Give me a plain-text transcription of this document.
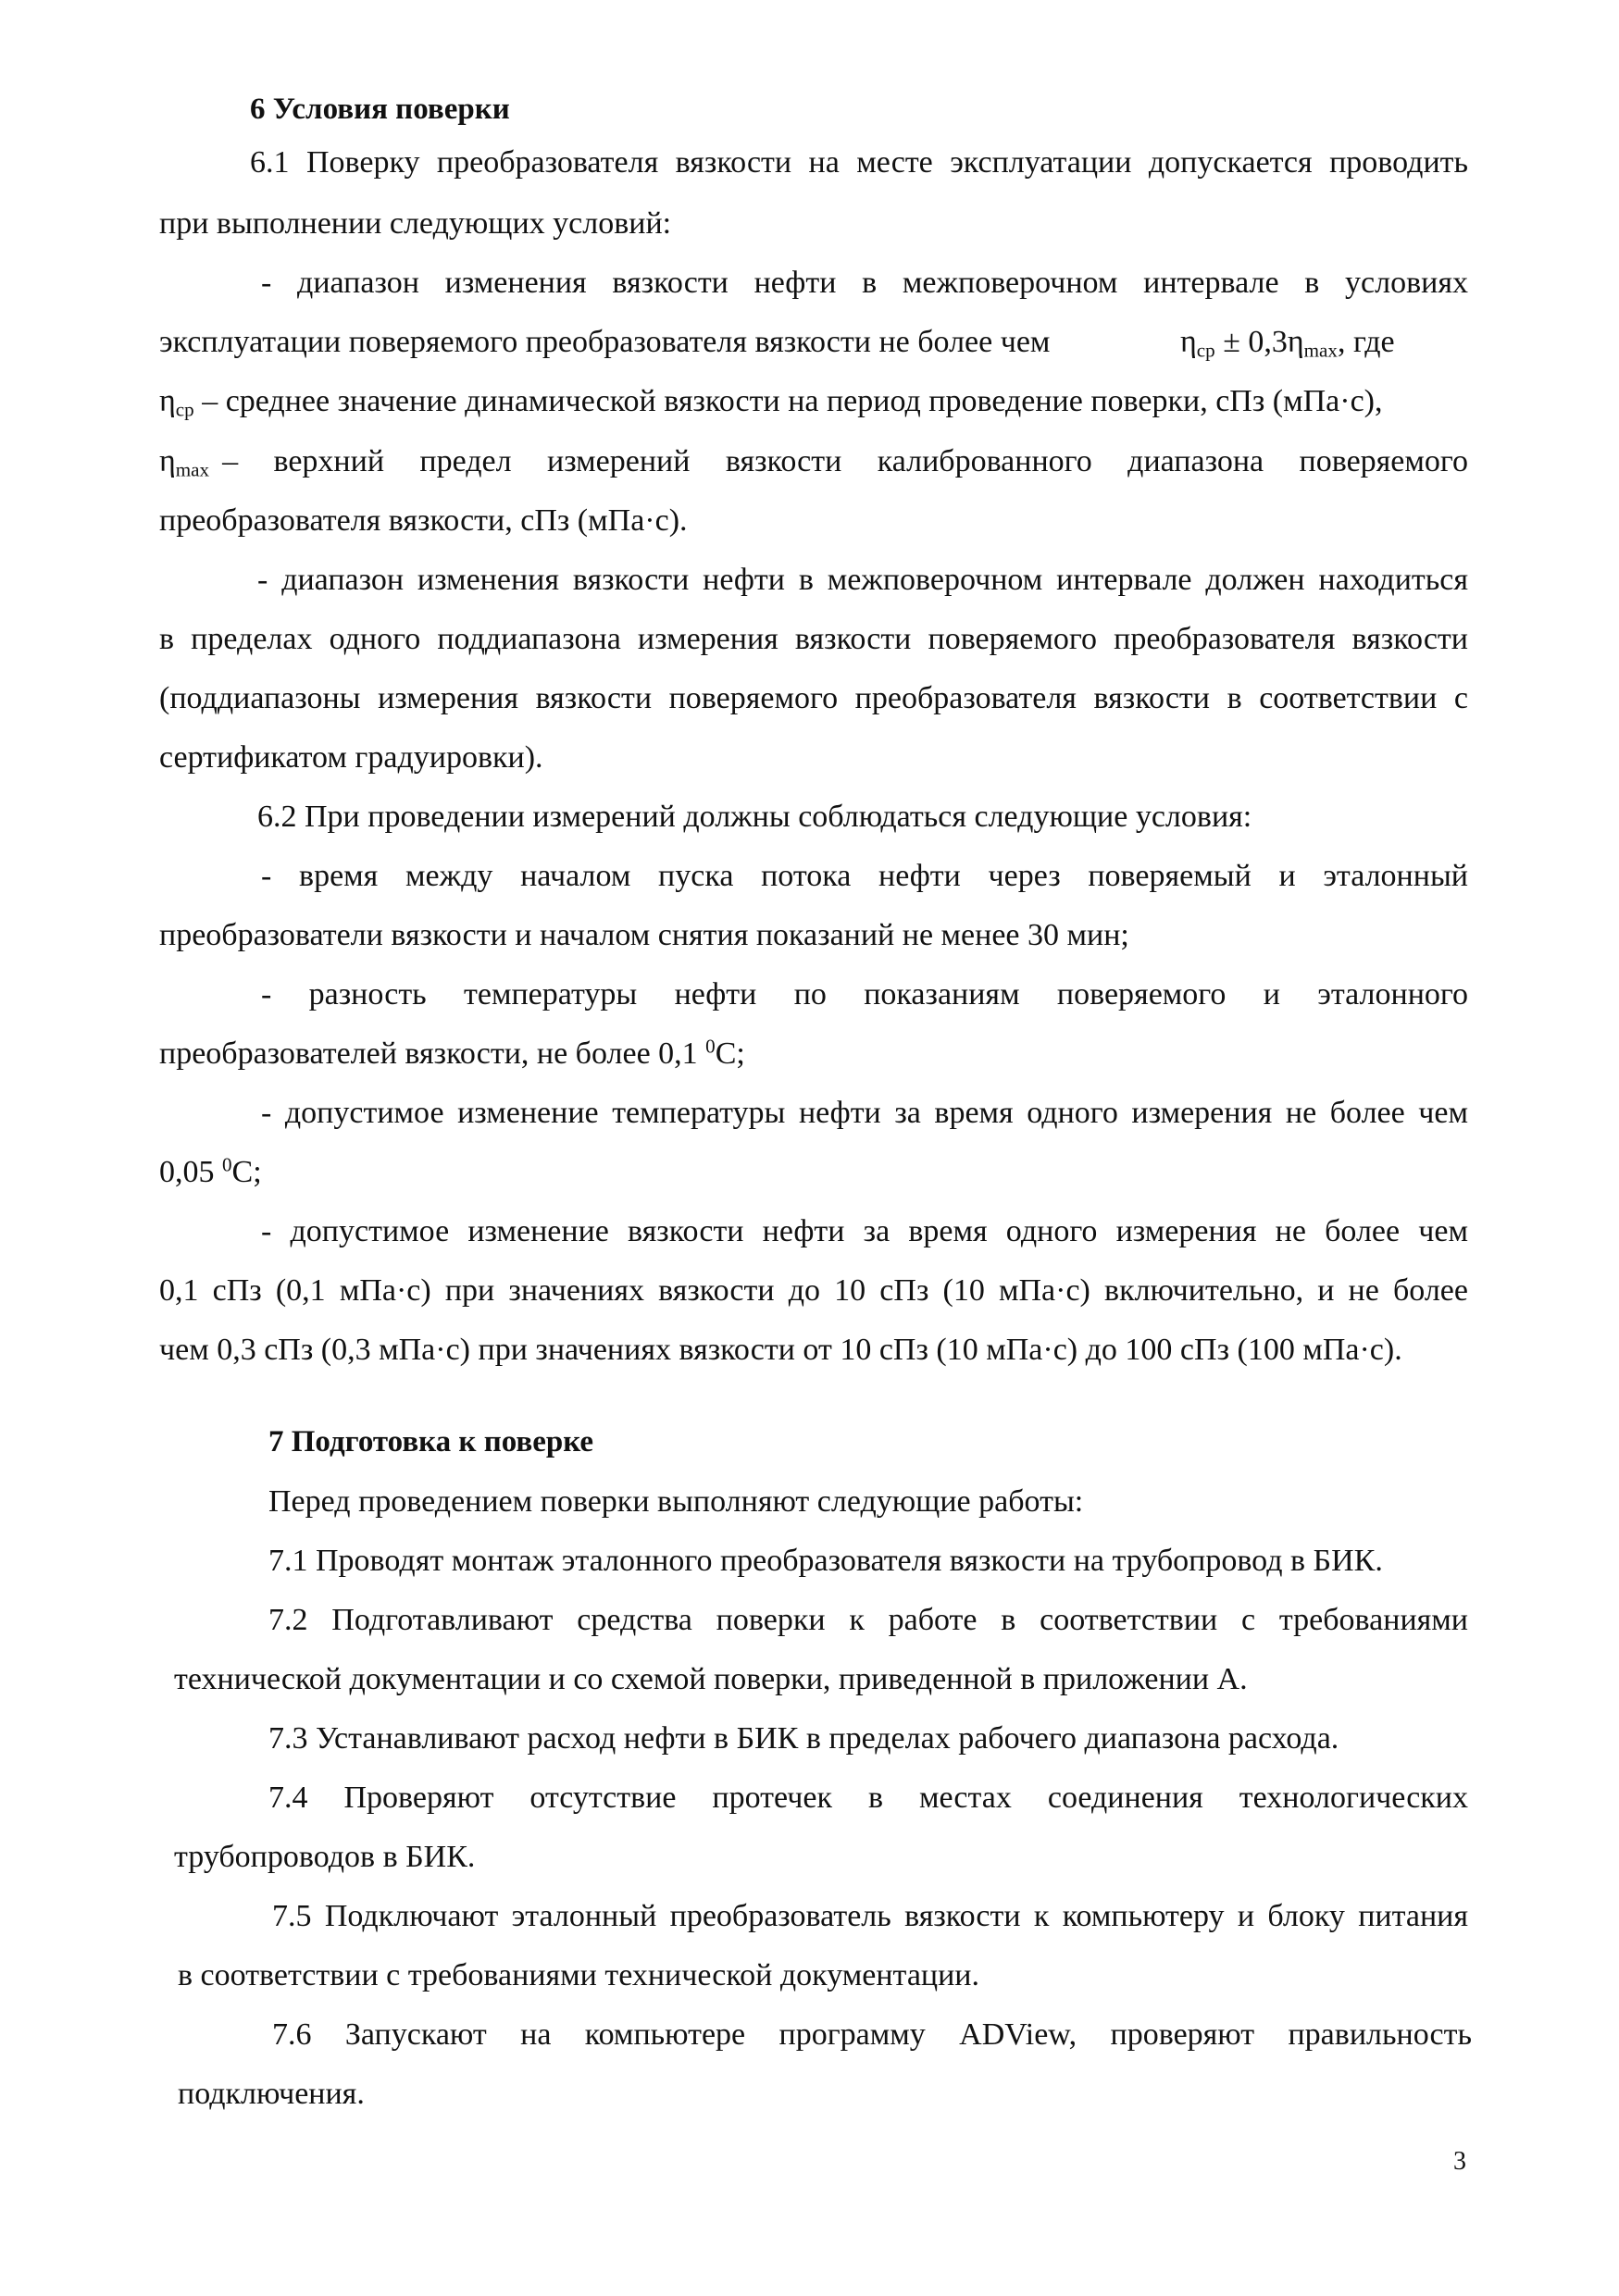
6 Условия поверки
6.1 Поверку преобразователя вязкости на месте эксплуатации допускается проводить
при выполнении следующих условий:
- диапазон изменения вязкости нефти в межповерочном интервале в условиях
эксплуатации поверяемого преобразователя вязкости не более чем	$\eta_{ср} \pm 0,3\eta_{max}$, где
$\eta_{ср}$ – среднее значение динамической вязкости на период проведение поверки, сПз (мПа·с),
$\eta_{max}$ – верхний предел измерений вязкости калиброванного диапазона поверяемого
преобразователя вязкости, сПз (мПа·с).
- диапазон изменения вязкости нефти в межповерочном интервале должен находиться
в пределах одного поддиапазона измерения вязкости поверяемого преобразователя вязкости
(поддиапазоны измерения вязкости поверяемого преобразователя вязкости в соответствии с
сертификатом градуировки).
6.2 При проведении измерений должны соблюдаться следующие условия:
- время между началом пуска потока нефти через поверяемый и эталонный
преобразователи вязкости и началом снятия показаний не менее 30 мин;
- разность температуры нефти по показаниям поверяемого и эталонного
преобразователей вязкости, не более 0,1 $^0$С;
- допустимое изменение температуры нефти за время одного измерения не более чем
0,05 $^0$С;
- допустимое изменение вязкости нефти за время одного измерения не более чем
0,1 сПз (0,1 мПа·с) при значениях вязкости до 10 сПз (10 мПа·с) включительно, и не более
чем 0,3 сПз (0,3 мПа·с) при значениях вязкости от 10 сПз (10 мПа·с) до 100 сПз (100 мПа·с).
7 Подготовка к поверке
Перед проведением поверки выполняют следующие работы:
7.1 Проводят монтаж эталонного преобразователя вязкости на трубопровод в БИК.
7.2 Подготавливают средства поверки к работе в соответствии с требованиями
технической документации и со схемой поверки, приведенной в приложении А.
7.3 Устанавливают расход нефти в БИК в пределах рабочего диапазона расхода.
7.4 Проверяют отсутствие протечек в местах соединения технологических
трубопроводов в БИК.
7.5 Подключают эталонный преобразователь вязкости к компьютеру и блоку питания
в соответствии с требованиями технической документации.
7.6 Запускают на компьютере программу ADView, проверяют правильность
подключения.
3
